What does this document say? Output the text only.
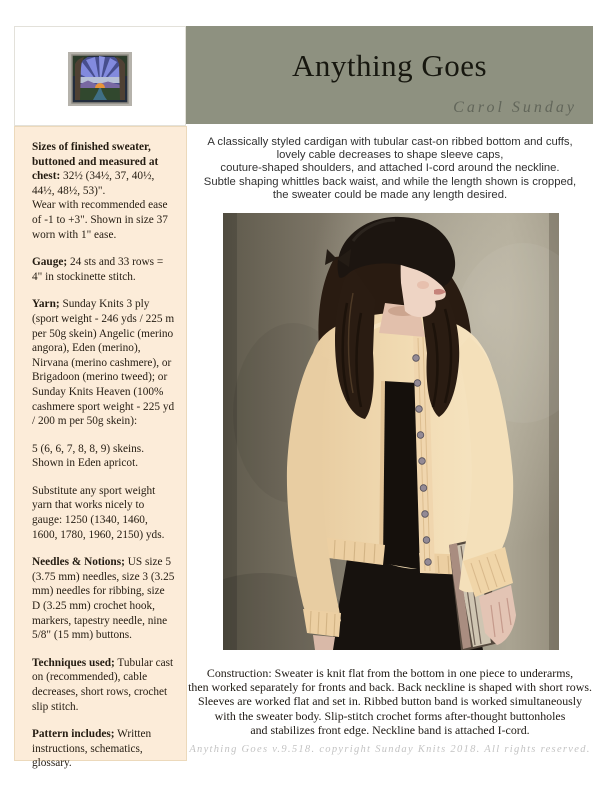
Anything Goes
Carol Sunday

Sizes of finished sweater, buttoned and measured at chest: 32½ (34½, 37, 40½, 44½, 48½, 53)".
Wear with recommended ease of -1 to +3". Shown in size 37 worn with 1" ease.

Gauge; 24 sts and 33 rows = 4" in stockinette stitch.

Yarn; Sunday Knits 3 ply (sport weight - 246 yds / 225 m per 50g skein) Angelic (merino angora), Eden (merino), Nirvana (merino cashmere), or Brigadoon (merino tweed); or Sunday Knits Heaven (100% cashmere sport weight - 225 yd / 200 m per 50g skein):

5 (6, 6, 7, 8, 8, 9) skeins.
Shown in Eden apricot.

Substitute any sport weight yarn that works nicely to gauge: 1250 (1340, 1460, 1600, 1780, 1960, 2150) yds.

Needles & Notions; US size 5 (3.75 mm) needles, size 3 (3.25 mm) needles for ribbing, size D (3.25 mm) crochet hook, markers, tapestry needle, nine 5/8" (15 mm) buttons.

Techniques used; Tubular cast on (recommended), cable decreases, short rows, crochet slip stitch.

Pattern includes; Written instructions, schematics, glossary.

A classically styled cardigan with tubular cast-on ribbed bottom and cuffs,
lovely cable decreases to shape sleeve caps,
couture-shaped shoulders, and attached I-cord around the neckline.
Subtle shaping whittles back waist, and while the length shown is cropped,
the sweater could be made any length desired.
Construction: Sweater is knit flat from the bottom in one piece to underarms,
then worked separately for fronts and back. Back neckline is shaped with short rows.
Sleeves are worked flat and set in. Ribbed button band is worked simultaneously
with the sweater body. Slip-stitch crochet forms after-thought buttonholes
and stabilizes front edge. Neckline band is attached I-cord.
Anything Goes v.9.518. copyright Sunday Knits 2018. All rights reserved.
